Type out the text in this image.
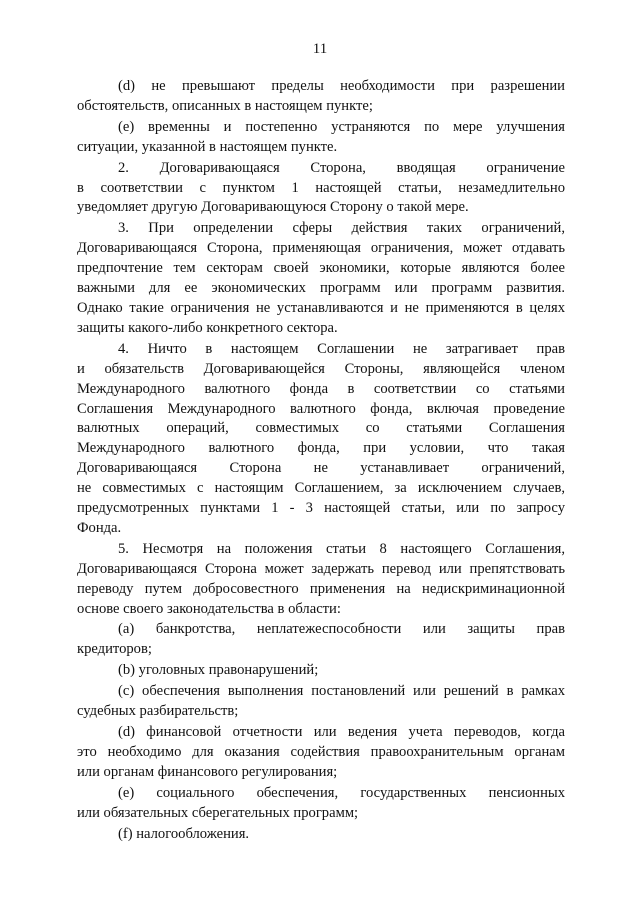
11
(d) не превышают пределы необходимости при разрешении
обстоятельств, описанных в настоящем пункте;
(e) временны и постепенно устраняются по мере улучшения
ситуации, указанной в настоящем пункте.
2. Договаривающаяся Сторона, вводящая ограничение
в соответствии с пунктом 1 настоящей статьи, незамедлительно
уведомляет другую Договаривающуюся Сторону о такой мере.
3. При определении сферы действия таких ограничений,
Договаривающаяся Сторона, применяющая ограничения, может отдавать
предпочтение тем секторам своей экономики, которые являются более
важными для ее экономических программ или программ развития.
Однако такие ограничения не устанавливаются и не применяются в целях
защиты какого-либо конкретного сектора.
4. Ничто в настоящем Соглашении не затрагивает прав
и обязательств Договаривающейся Стороны, являющейся членом
Международного валютного фонда в соответствии со статьями
Соглашения Международного валютного фонда, включая проведение
валютных операций, совместимых со статьями Соглашения
Международного валютного фонда, при условии, что такая
Договаривающаяся Сторона не устанавливает ограничений,
не совместимых с настоящим Соглашением, за исключением случаев,
предусмотренных пунктами 1 - 3 настоящей статьи, или по запросу
Фонда.
5. Несмотря на положения статьи 8 настоящего Соглашения,
Договаривающаяся Сторона может задержать перевод или препятствовать
переводу путем добросовестного применения на недискриминационной
основе своего законодательства в области:
(a) банкротства, неплатежеспособности или защиты прав
кредиторов;
(b) уголовных правонарушений;
(c) обеспечения выполнения постановлений или решений в рамках
судебных разбирательств;
(d) финансовой отчетности или ведения учета переводов, когда
это необходимо для оказания содействия правоохранительным органам
или органам финансового регулирования;
(e) социального обеспечения, государственных пенсионных
или обязательных сберегательных программ;
(f) налогообложения.
